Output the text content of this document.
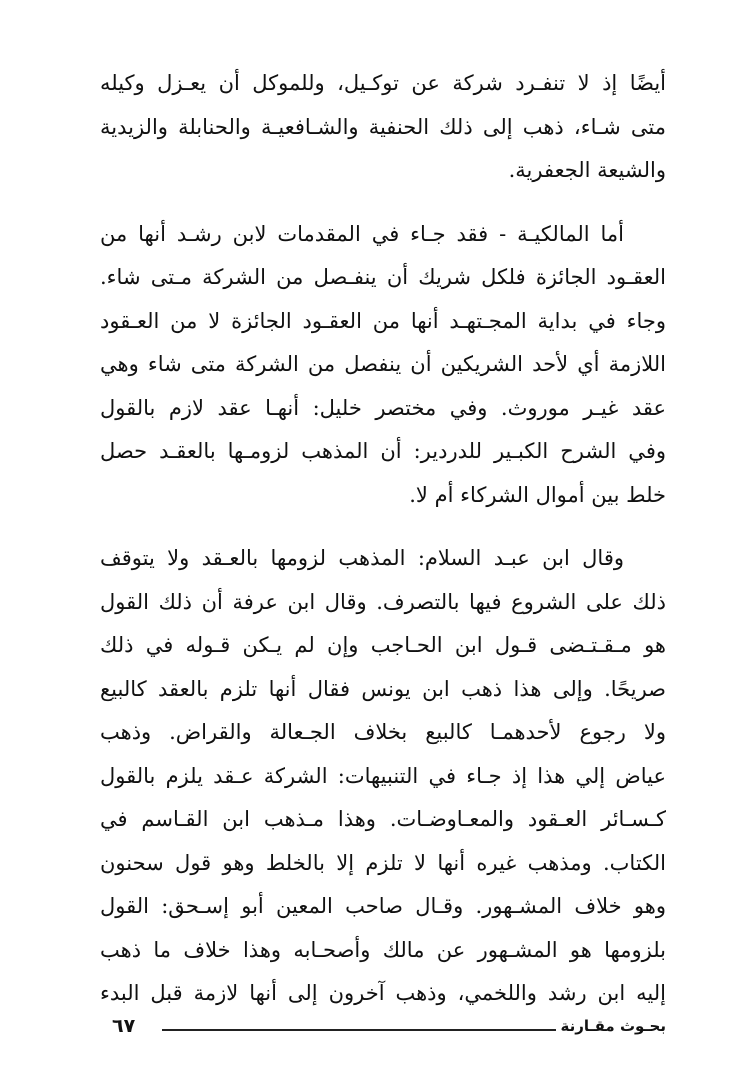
أيضًا إذ لا تنفـرد شركة عن توكـيل، وللموكل أن يعـزل وكيله
متى شـاء، ذهب إلى ذلك الحنفية والشـافعيـة والحنابلة والزيدية
والشيعة الجعفرية.
أما المالكيـة - فقد جـاء في المقدمات لابن رشـد أنها من
العقـود الجائزة فلكل شريك أن ينفـصل من الشركة مـتى شاء.
وجاء في بداية المجـتهـد أنها من العقـود الجائزة لا من العـقود
اللازمة أي لأحد الشريكين أن ينفصل من الشركة متى شاء وهي
عقد غيـر موروث. وفي مختصر خليل: أنهـا عقد لازم بالقول
وفي الشرح الكبـير للدردير: أن المذهب لزومـها بالعقـد حصل
خلط بين أموال الشركاء أم لا.
وقال ابن عبـد السلام: المذهب لزومها بالعـقد ولا يتوقف
ذلك على الشروع فيها بالتصرف. وقال ابن عرفة أن ذلك القول
هو مـقـتـضى قـول ابن الحـاجب وإن لم يـكن قـوله في ذلك
صريحًا. وإلى هذا ذهب ابن يونس فقال أنها تلزم بالعقد كالبيع
ولا رجوع لأحدهمـا كالبيع بخلاف الجـعالة والقراض. وذهب
عياض إلي هذا إذ جـاء في التنبيهات: الشركة عـقد يلزم بالقول
كـسـائر العـقود والمعـاوضـات. وهذا مـذهب ابن القـاسم في
الكتاب. ومذهب غيره أنها لا تلزم إلا بالخلط وهو قول سحنون
وهو خلاف المشـهور. وقـال صاحب المعين أبو إسـحق: القول
بلزومها هو المشـهور عن مالك وأصحـابه وهذا خلاف ما ذهب
إليه ابن رشد واللخمي، وذهب آخرون إلى أنها لازمة قبل البدء
بحـوث مقـارنة
٦٧
